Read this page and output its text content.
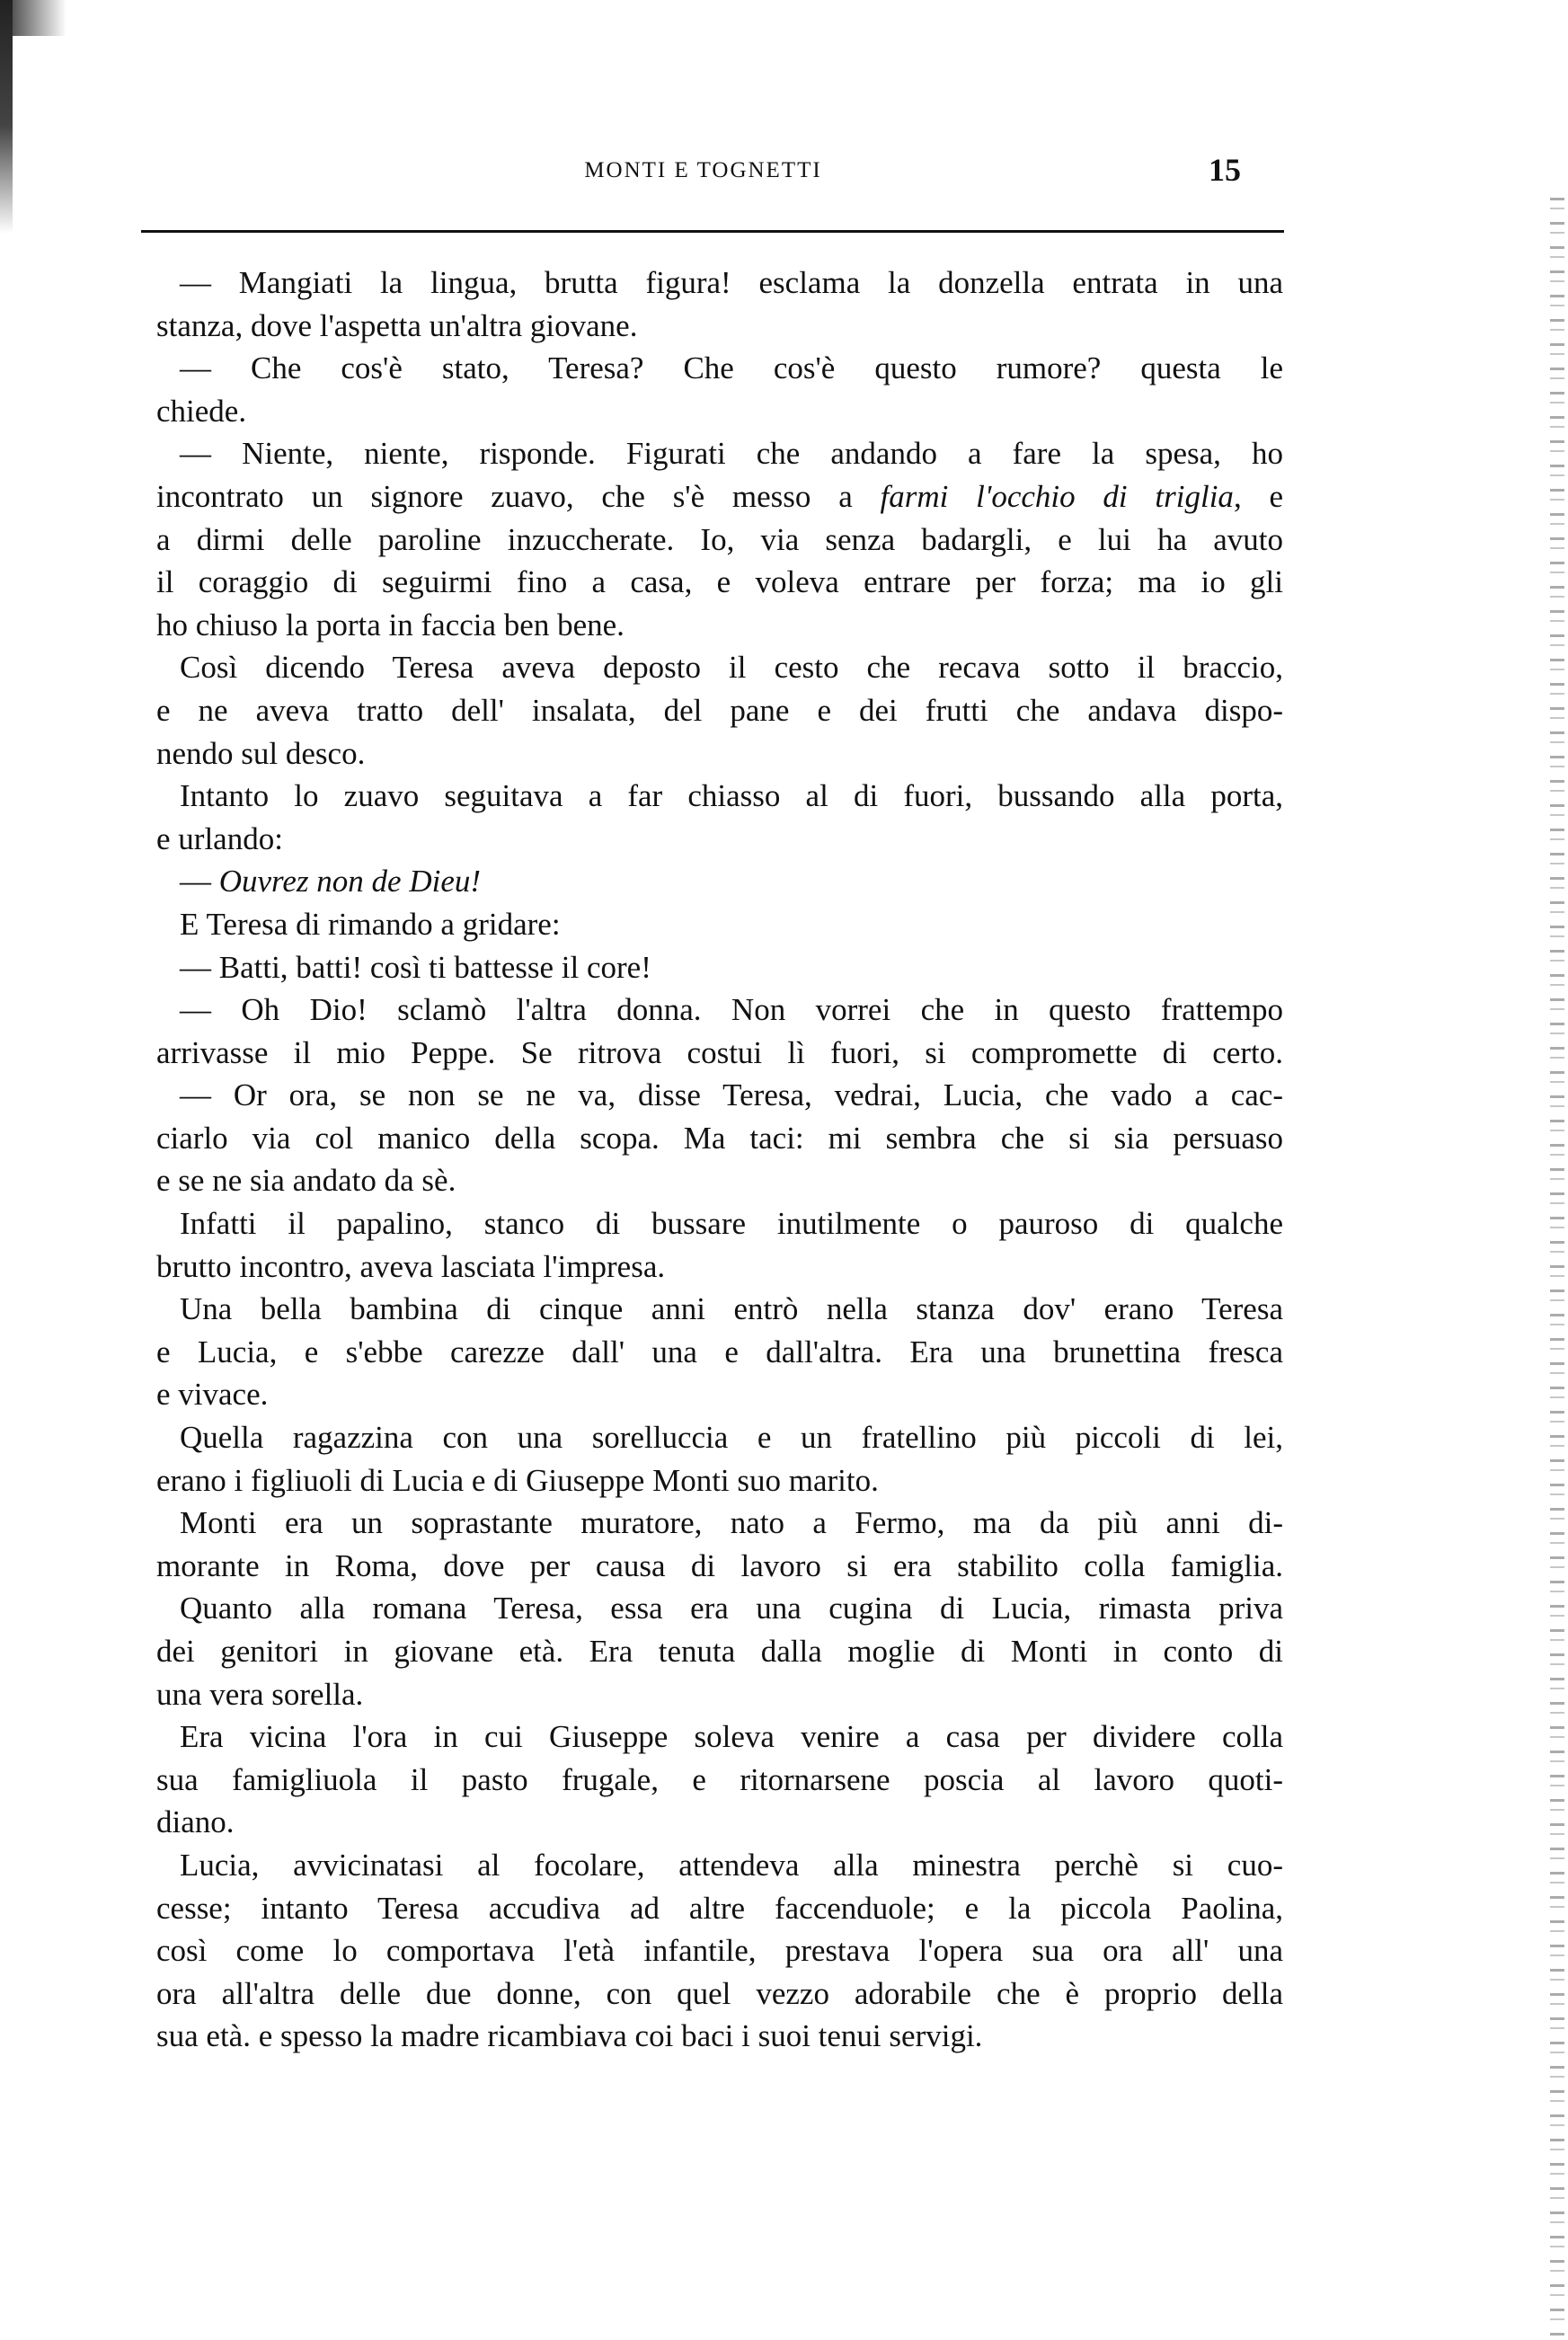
MONTI E TOGNETTI	15
— Mangiati la lingua, brutta figura! esclama la donzella entrata in una
stanza, dove l'aspetta un'altra giovane.
— Che cos'è stato, Teresa? Che cos'è questo rumore? questa le
chiede.
— Niente, niente, risponde. Figurati che andando a fare la spesa, ho
incontrato un signore zuavo, che s'è messo a farmi l'occhio di triglia, e
a dirmi delle paroline inzuccherate. Io, via senza badargli, e lui ha avuto
il coraggio di seguirmi fino a casa, e voleva entrare per forza; ma io gli
ho chiuso la porta in faccia ben bene.
Così dicendo Teresa aveva deposto il cesto che recava sotto il braccio,
e ne aveva tratto dell' insalata, del pane e dei frutti che andava dispo-
nendo sul desco.
Intanto lo zuavo seguitava a far chiasso al di fuori, bussando alla porta,
e urlando:
— Ouvrez non de Dieu!
E Teresa di rimando a gridare:
— Batti, batti! così ti battesse il core!
— Oh Dio! sclamò l'altra donna. Non vorrei che in questo frattempo
arrivasse il mio Peppe. Se ritrova costui lì fuori, si compromette di certo.
— Or ora, se non se ne va, disse Teresa, vedrai, Lucia, che vado a cac-
ciarlo via col manico della scopa. Ma taci: mi sembra che si sia persuaso
e se ne sia andato da sè.
Infatti il papalino, stanco di bussare inutilmente o pauroso di qualche
brutto incontro, aveva lasciata l'impresa.
Una bella bambina di cinque anni entrò nella stanza dov' erano Teresa
e Lucia, e s'ebbe carezze dall' una e dall'altra. Era una brunettina fresca
e vivace.
Quella ragazzina con una sorelluccia e un fratellino più piccoli di lei,
erano i figliuoli di Lucia e di Giuseppe Monti suo marito.
Monti era un soprastante muratore, nato a Fermo, ma da più anni di-
morante in Roma, dove per causa di lavoro si era stabilito colla famiglia.
Quanto alla romana Teresa, essa era una cugina di Lucia, rimasta priva
dei genitori in giovane età. Era tenuta dalla moglie di Monti in conto di
una vera sorella.
Era vicina l'ora in cui Giuseppe soleva venire a casa per dividere colla
sua famigliuola il pasto frugale, e ritornarsene poscia al lavoro quoti-
diano.
Lucia, avvicinatasi al focolare, attendeva alla minestra perchè si cuo-
cesse; intanto Teresa accudiva ad altre faccenduole; e la piccola Paolina,
così come lo comportava l'età infantile, prestava l'opera sua ora all' una
ora all'altra delle due donne, con quel vezzo adorabile che è proprio della
sua età. e spesso la madre ricambiava coi baci i suoi tenui servigi.
